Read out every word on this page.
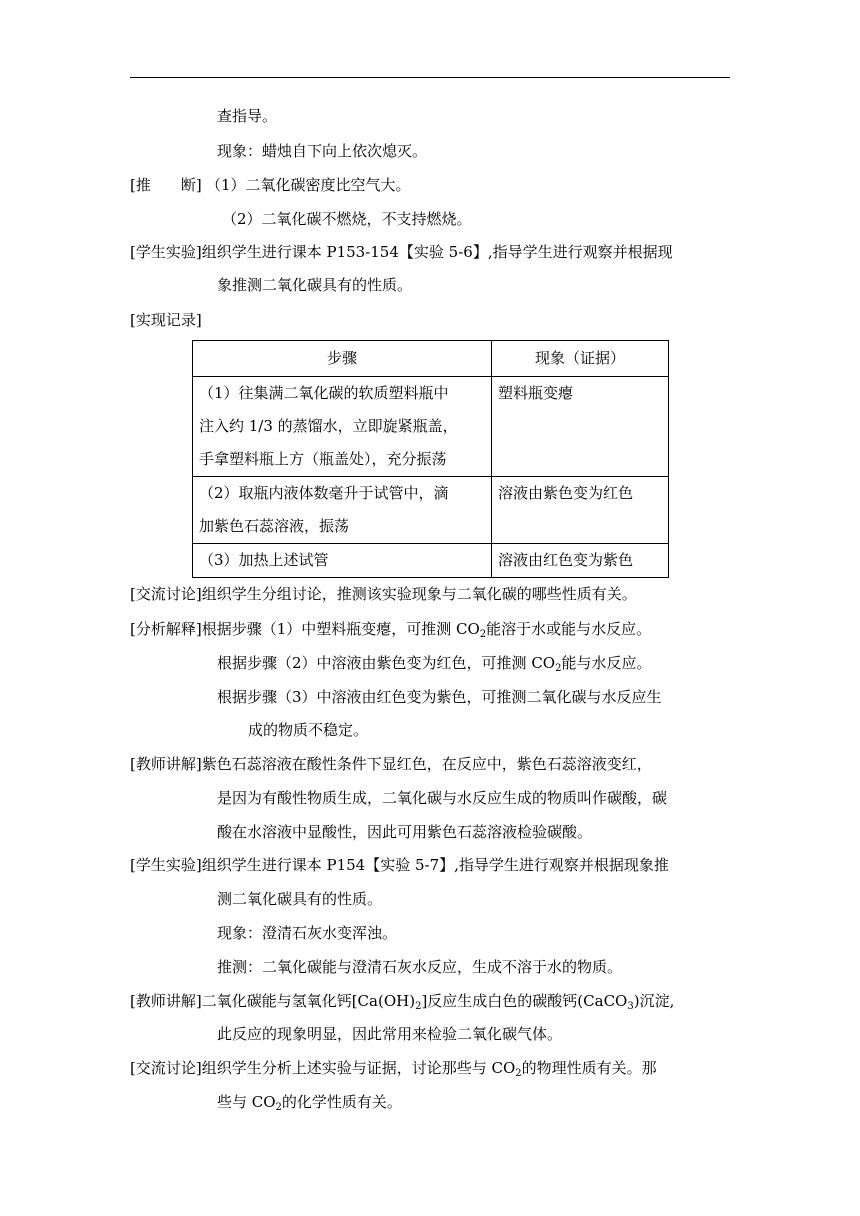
查指导。
现象：蜡烛自下向上依次熄灭。
[推　　断] （1）二氧化碳密度比空气大。
（2）二氧化碳不燃烧，不支持燃烧。
[学生实验]组织学生进行课本 P153-154【实验 5-6】,指导学生进行观察并根据现
象推测二氧化碳具有的性质。
[实现记录]
步骤	现象（证据）

（1）往集满二氧化碳的软质塑料瓶中
注入约 1/3 的蒸馏水，立即旋紧瓶盖，
手拿塑料瓶上方（瓶盖处），充分振荡	塑料瓶变瘪

（2）取瓶内液体数毫升于试管中，滴
加紫色石蕊溶液，振荡	溶液由紫色变为红色

（3）加热上述试管	溶液由红色变为紫色
[交流讨论]组织学生分组讨论，推测该实验现象与二氧化碳的哪些性质有关。
[分析解释]根据步骤（1）中塑料瓶变瘪，可推测 $CO_2$能溶于水或能与水反应。
根据步骤（2）中溶液由紫色变为红色，可推测 $CO_2$能与水反应。
根据步骤（3）中溶液由红色变为紫色，可推测二氧化碳与水反应生
成的物质不稳定。
[教师讲解]紫色石蕊溶液在酸性条件下显红色，在反应中，紫色石蕊溶液变红，
是因为有酸性物质生成，二氧化碳与水反应生成的物质叫作碳酸，碳
酸在水溶液中显酸性，因此可用紫色石蕊溶液检验碳酸。
[学生实验]组织学生进行课本 P154【实验 5-7】,指导学生进行观察并根据现象推
测二氧化碳具有的性质。
现象：澄清石灰水变浑浊。
推测：二氧化碳能与澄清石灰水反应，生成不溶于水的物质。
[教师讲解]二氧化碳能与氢氧化钙$[Ca(OH)_2]$反应生成白色的碳酸钙(CaCO$_3$)沉淀,
此反应的现象明显，因此常用来检验二氧化碳气体。
[交流讨论]组织学生分析上述实验与证据，讨论那些与 $CO_2$的物理性质有关。那
些与 $CO_2$的化学性质有关。
